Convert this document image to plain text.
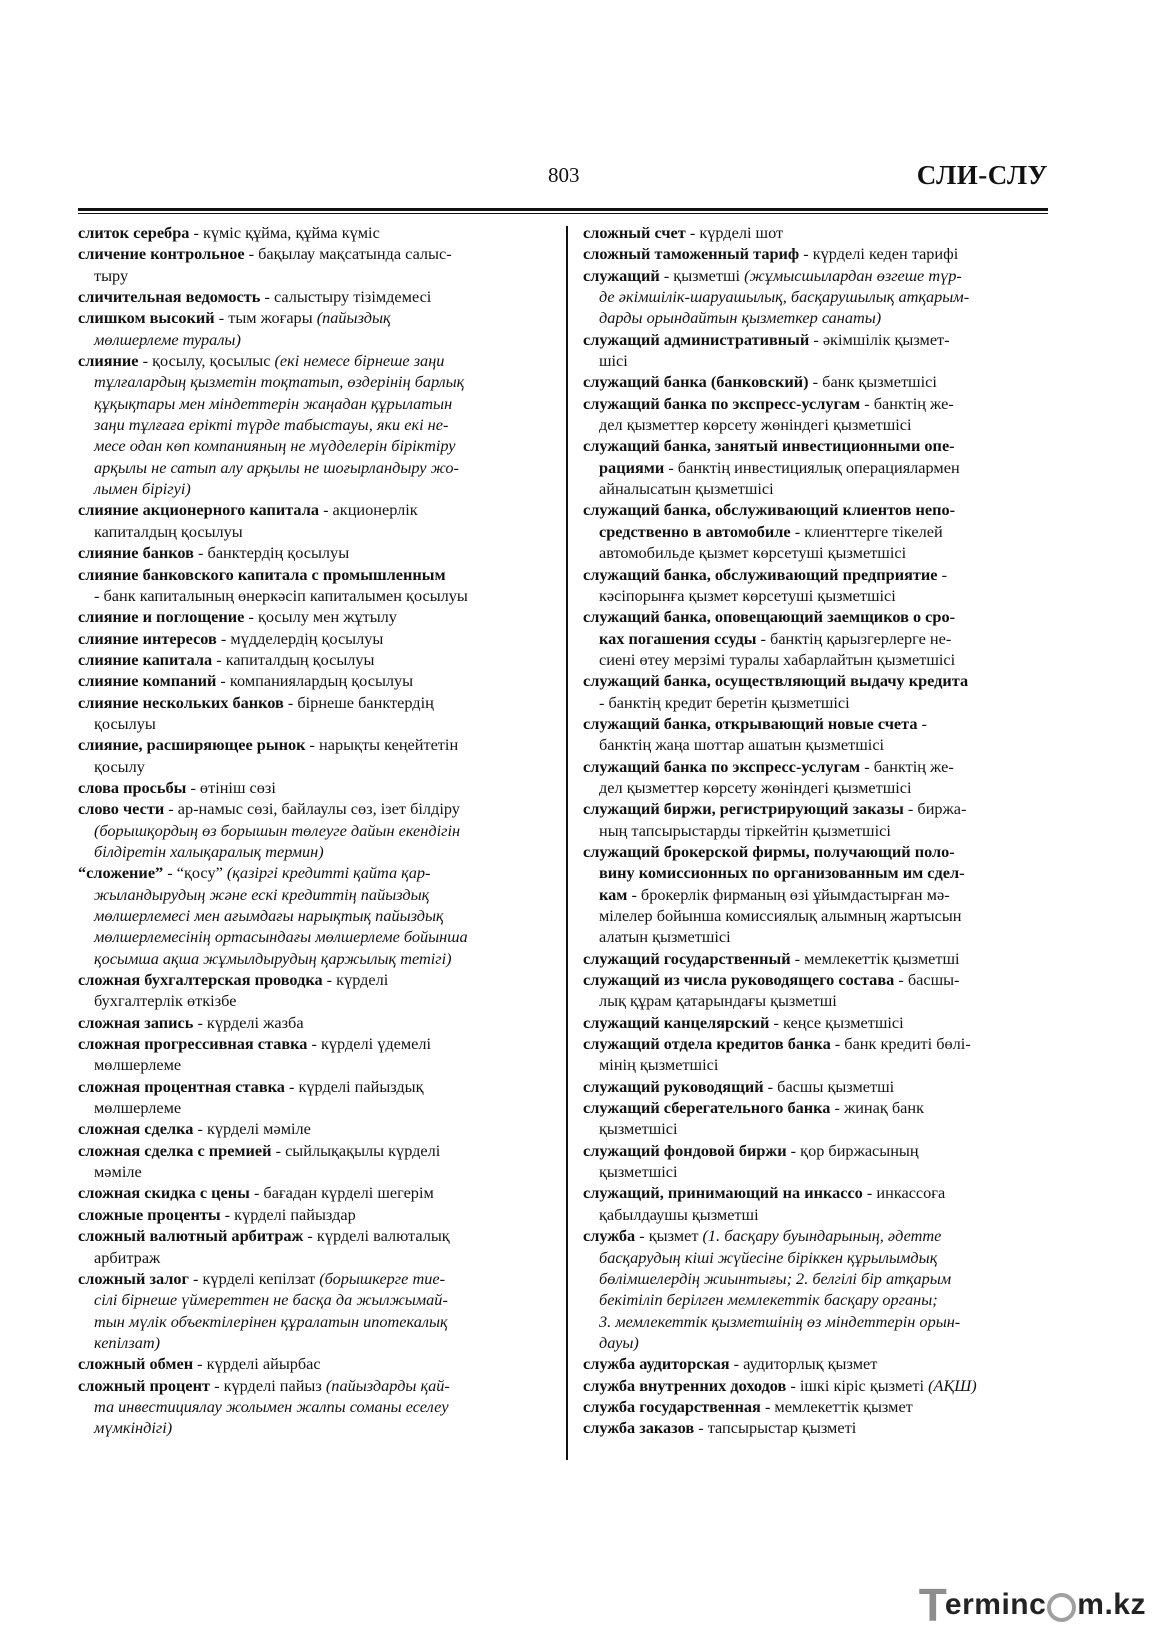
803	СЛИ-СЛУ
слиток серебра - күміс құйма, құйма күміс
сличение контрольное - бақылау мақсатында салыс-
тыру
сличительная ведомость - салыстыру тізімдемесі
слишком высокий - тым жоғары (пайыздық
мөлшерлеме туралы)
слияние - қосылу, қосылыс (екі немесе бірнеше заңи
тұлғалардың қызметін тоқтатып, өздерінің барлық
құқықтары мен міндеттерін жаңадан құрылатын
заңи тұлғаға ерікті түрде табыстауы, яки екі не-
месе одан көп компанияның не мүдделерін біріктіру
арқылы не сатып алу арқылы не шоғырландыру жо-
лымен бірігуі)
слияние акционерного капитала - акционерлік
капиталдың қосылуы
слияние банков - банктердің қосылуы
слияние банковского капитала с промышленным
- банк капиталының өнеркәсіп капиталымен қосылуы
слияние и поглощение - қосылу мен жұтылу
слияние интересов - мүдделердің қосылуы
слияние капитала - капиталдың қосылуы
слияние компаний - компаниялардың қосылуы
слияние нескольких банков - бірнеше банктердің
қосылуы
слияние, расширяющее рынок - нарықты кеңейтетін
қосылу
слова просьбы - өтініш сөзі
слово чести - ар-намыс сөзі, байлаулы сөз, ізет білдіру
(борышқордың өз борышын төлеуге дайын екендігін
білдіретін халықаралық термин)
“сложение” - “қосу” (қазіргі кредитті қайта қар-
жыландырудың және ескі кредиттің пайыздық
мөлшерлемесі мен ағымдағы нарықтық пайыздық
мөлшерлемесінің ортасындағы мөлшерлеме бойынша
қосымша ақша жұмылдырудың қаржылық тетігі)
сложная бухгалтерская проводка - күрделі
бухгалтерлік өткізбе
сложная запись - күрделі жазба
сложная прогрессивная ставка - күрделі үдемелі
мөлшерлеме
сложная процентная ставка - күрделі пайыздық
мөлшерлеме
сложная сделка - күрделі мәміле
сложная сделка с премией - сыйлықақылы күрделі
мәміле
сложная скидка с цены - бағадан күрделі шегерім
сложные проценты - күрделі пайыздар
сложный валютный арбитраж - күрделі валюталық
арбитраж
сложный залог - күрделі кепілзат (борышкерге тие-
сілі бірнеше үймереттен не басқа да жылжымай-
тын мүлік объектілерінен құралатын ипотекалық
кепілзат)
сложный обмен - күрделі айырбас
сложный процент - күрделі пайыз (пайыздарды қай-
та инвестициялау жолымен жалпы соманы еселеу
мүмкіндігі)
сложный счет - күрделі шот
сложный таможенный тариф - күрделі кеден тарифі
служащий - қызметші (жұмысшылардан өзгеше түр-
де әкімшілік-шаруашылық, басқарушылық атқарым-
дарды орындайтын қызметкер санаты)
служащий административный - әкімшілік қызмет-
шісі
служащий банка (банковский) - банк қызметшісі
служащий банка по экспресс-услугам - банктің же-
дел қызметтер көрсету жөніндегі қызметшісі
служащий банка, занятый инвестиционными опе-
рациями - банктің инвестициялық операциялармен
айналысатын қызметшісі
служащий банка, обслуживающий клиентов непо-
средственно в автомобиле - клиенттерге тікелей
автомобильде қызмет көрсетуші қызметшісі
служащий банка, обслуживающий предприятие -
кәсіпорынға қызмет көрсетуші қызметшісі
служащий банка, оповещающий заемщиков о сро-
ках погашения ссуды - банктің қарызгерлерге не-
сиені өтеу мерзімі туралы хабарлайтын қызметшісі
служащий банка, осуществляющий выдачу кредита
- банктің кредит беретін қызметшісі
служащий банка, открывающий новые счета -
банктің жаңа шоттар ашатын қызметшісі
служащий банка по экспресс-услугам - банктің же-
дел қызметтер көрсету жөніндегі қызметшісі
служащий биржи, регистрирующий заказы - биржа-
ның тапсырыстарды тіркейтін қызметшісі
служащий брокерской фирмы, получающий поло-
вину комиссионных по организованным им сдел-
кам - брокерлік фирманың өзі ұйымдастырған мә-
мілелер бойынша комиссиялық алымның жартысын
алатын қызметшісі
служащий государственный - мемлекеттік қызметші
служащий из числа руководящего состава - басшы-
лық құрам қатарындағы қызметші
служащий канцелярский - кеңсе қызметшісі
служащий отдела кредитов банка - банк кредиті бөлі-
мінің қызметшісі
служащий руководящий - басшы қызметші
служащий сберегательного банка - жинақ банк
қызметшісі
служащий фондовой биржи - қор биржасының
қызметшісі
служащий, принимающий на инкассо - инкассоға
қабылдаушы қызметші
служба - қызмет (1. басқару буындарының, әдетте
басқарудың кіші жүйесіне біріккен құрылымдық
бөлімшелердің жиынтығы; 2. белгілі бір атқарым
бекітіліп берілген мемлекеттік басқару органы;
3. мемлекеттік қызметшінің өз міндеттерін орын-
дауы)
служба аудиторская - аудиторлық қызмет
служба внутренних доходов - ішкі кіріс қызметі (АҚШ)
служба государственная - мемлекеттік қызмет
служба заказов - тапсырыстар қызметі
T
erminc m.kz
